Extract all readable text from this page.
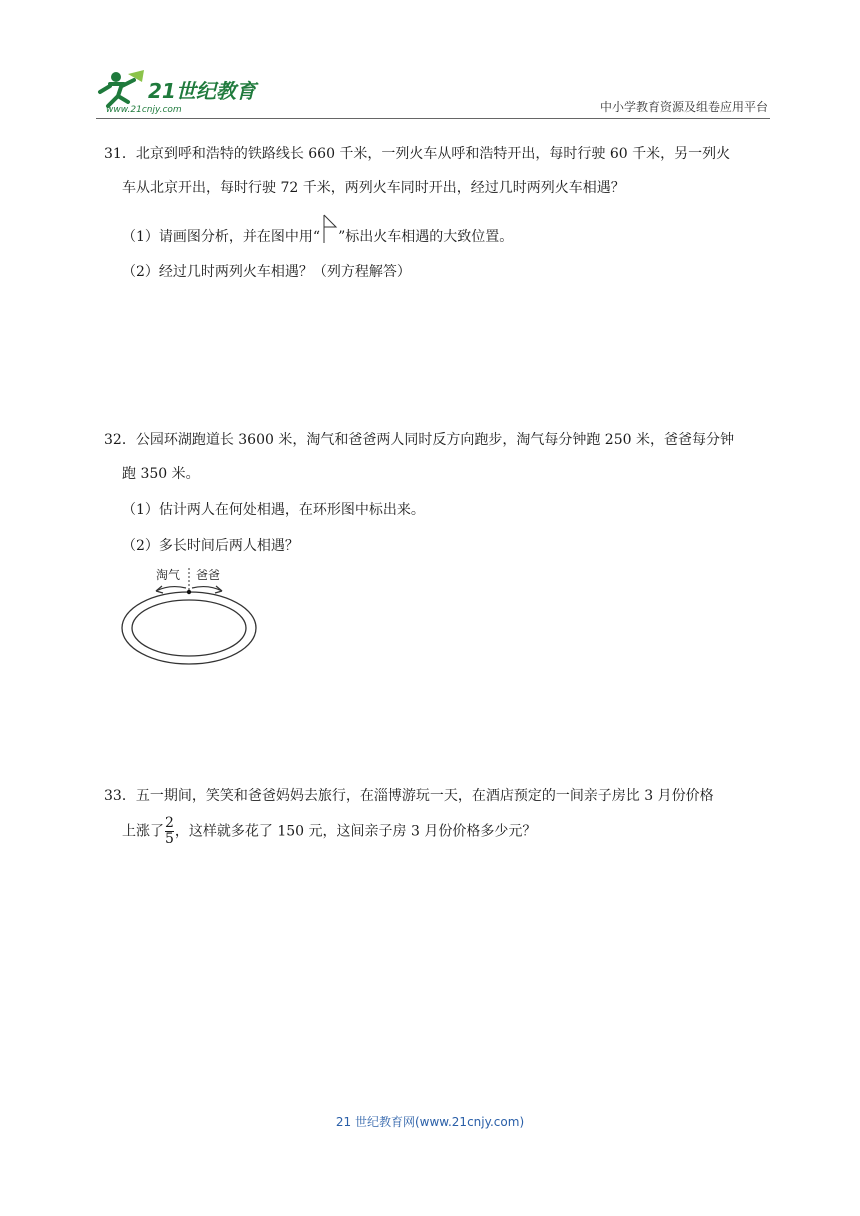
21世纪教育
www.21cnjy.com	中小学教育资源及组卷应用平台
31．北京到呼和浩特的铁路线长 660 千米，一列火车从呼和浩特开出，每时行驶 60 千米，另一列火
车从北京开出，每时行驶 72 千米，两列火车同时开出，经过几时两列火车相遇？
（1）请画图分析，并在图中用“ ”标出火车相遇的大致位置。
（2）经过几时两列火车相遇？（列方程解答）
32．公园环湖跑道长 3600 米，淘气和爸爸两人同时反方向跑步，淘气每分钟跑 250 米，爸爸每分钟
跑 350 米。
（1）估计两人在何处相遇，在环形图中标出来。
（2）多长时间后两人相遇？
淘气 爸爸
33．五一期间，笑笑和爸爸妈妈去旅行，在淄博游玩一天，在酒店预定的一间亲子房比 3 月份价格
上涨了 $\frac{2}{5}$ ，这样就多花了 150 元，这间亲子房 3 月份价格多少元？
21 世纪教育网(www.21cnjy.com)
